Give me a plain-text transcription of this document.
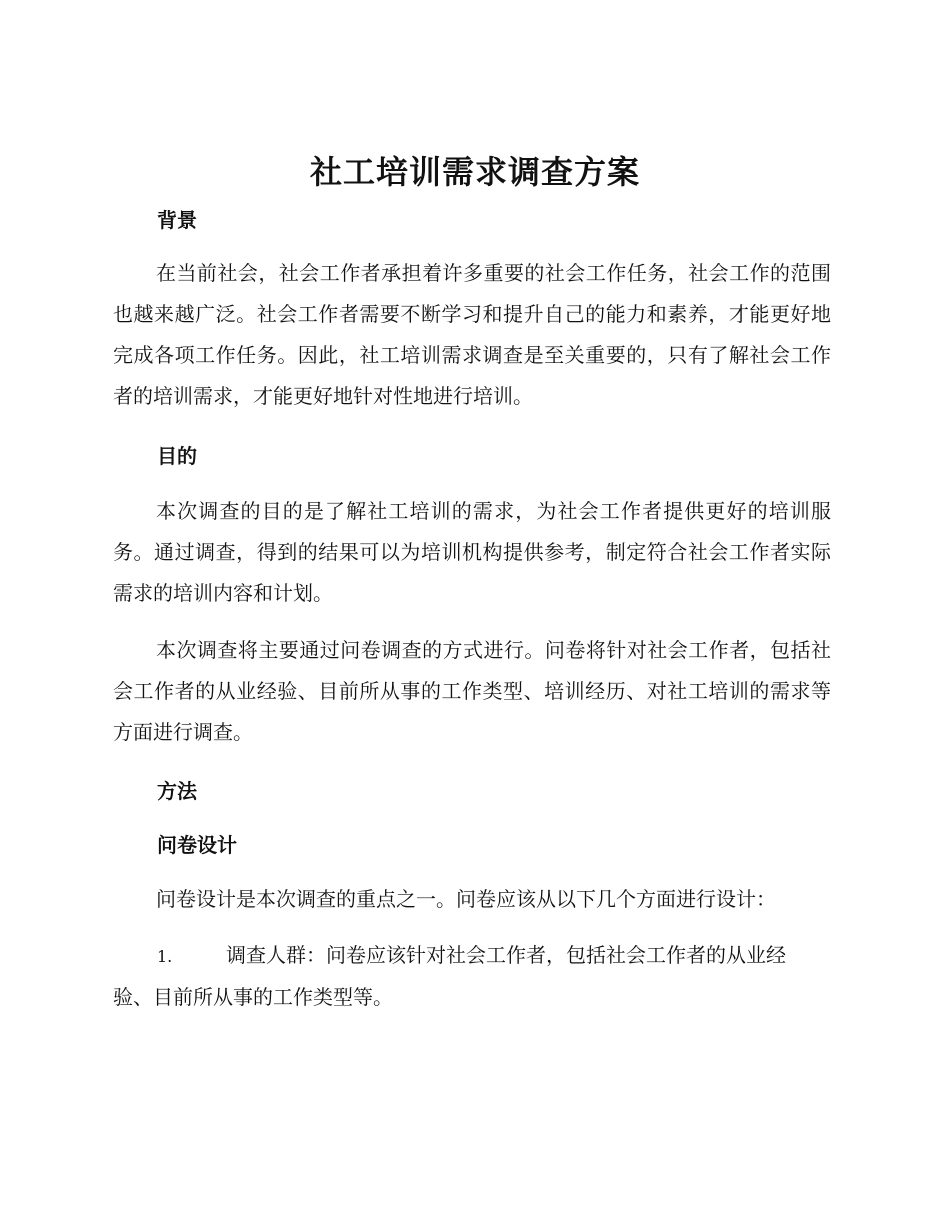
社工培训需求调查方案
背景

在当前社会，社会工作者承担着许多重要的社会工作任务，社会工作的范围也越来越广泛。社会工作者需要不断学习和提升自己的能力和素养，才能更好地完成各项工作任务。因此，社工培训需求调查是至关重要的，只有了解社会工作者的培训需求，才能更好地针对性地进行培训。

目的

本次调查的目的是了解社工培训的需求，为社会工作者提供更好的培训服务。通过调查，得到的结果可以为培训机构提供参考，制定符合社会工作者实际需求的培训内容和计划。

本次调查将主要通过问卷调查的方式进行。问卷将针对社会工作者，包括社会工作者的从业经验、目前所从事的工作类型、培训经历、对社工培训的需求等方面进行调查。

方法
问卷设计

问卷设计是本次调查的重点之一。问卷应该从以下几个方面进行设计：

1.	调查人群：问卷应该针对社会工作者，包括社会工作者的从业经
验、目前所从事的工作类型等。
